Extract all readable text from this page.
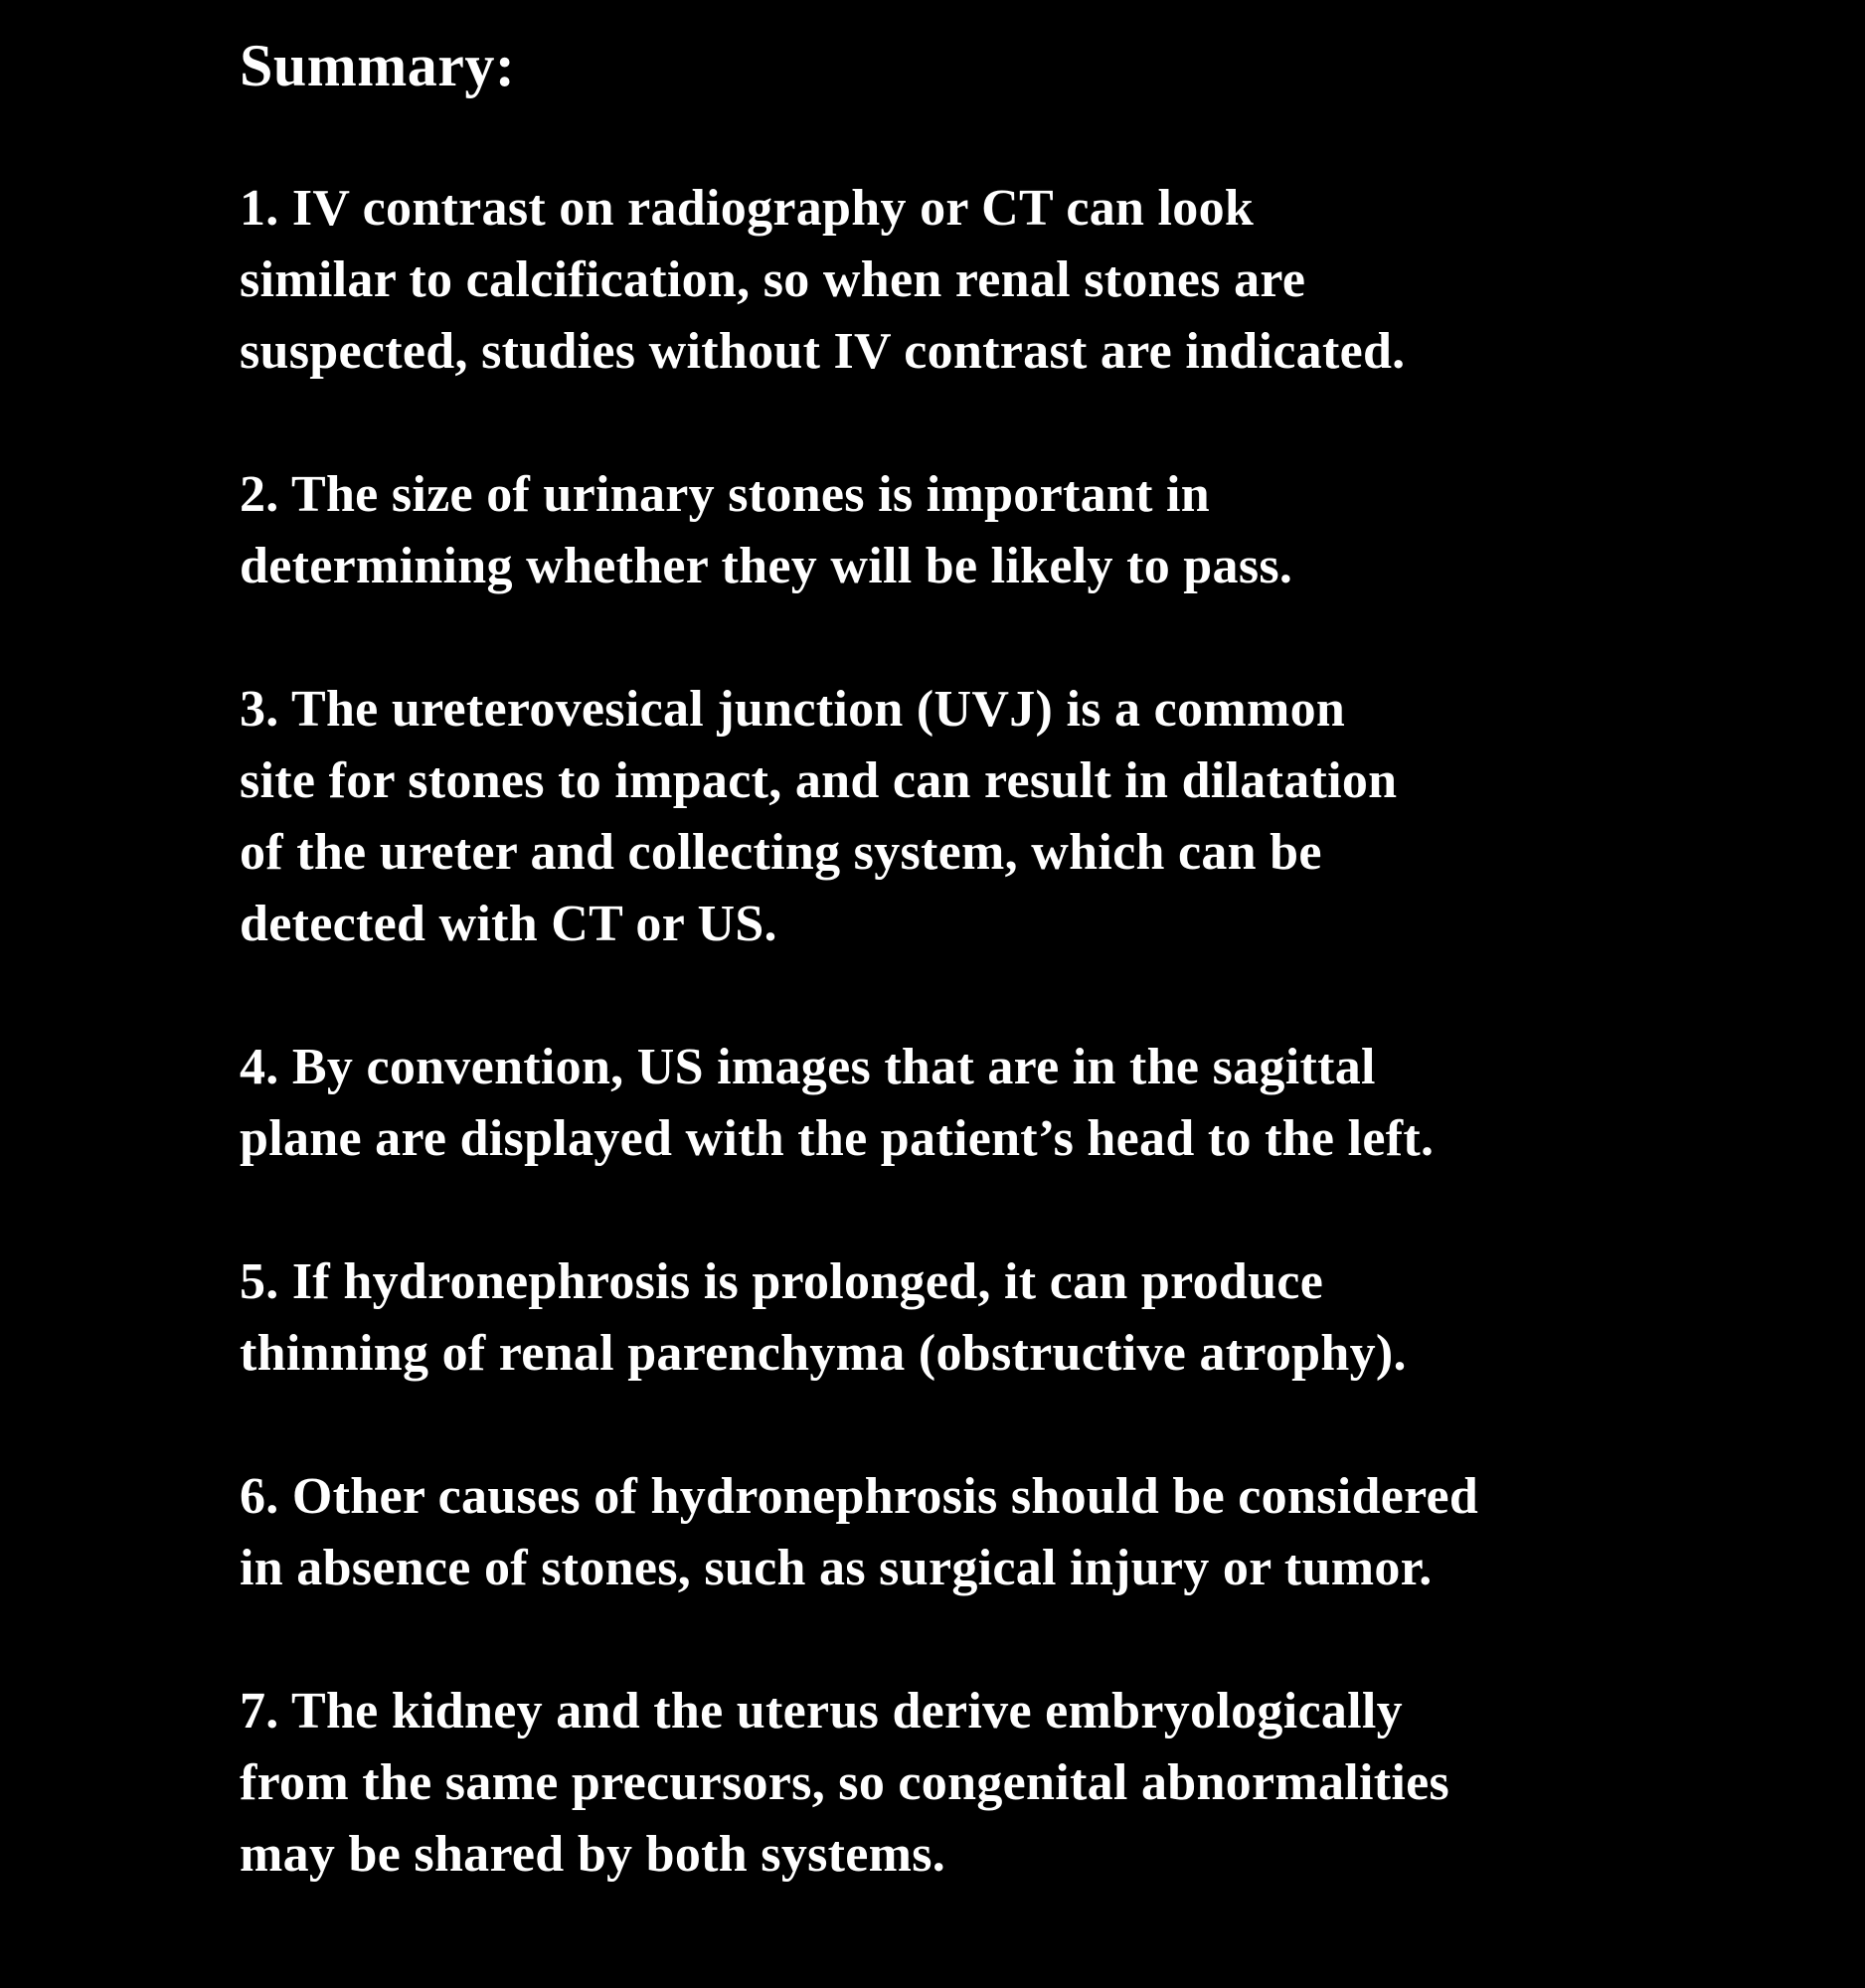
Summary:
1. IV contrast on radiography or CT can look
similar to calcification, so when renal stones are
suspected, studies without IV contrast are indicated.
2. The size of urinary stones is important in
determining whether they will be likely to pass.
3. The ureterovesical junction (UVJ) is a common
site for stones to impact, and can result in dilatation
of the ureter and collecting system, which can be
detected with CT or US.
4. By convention, US images that are in the sagittal
plane are displayed with the patient’s head to the left.
5. If hydronephrosis is prolonged, it can produce
thinning of renal parenchyma (obstructive atrophy).
6. Other causes of hydronephrosis should be considered
in absence of stones, such as surgical injury or tumor.
7. The kidney and the uterus derive embryologically
from the same precursors, so congenital abnormalities
may be shared by both systems.
